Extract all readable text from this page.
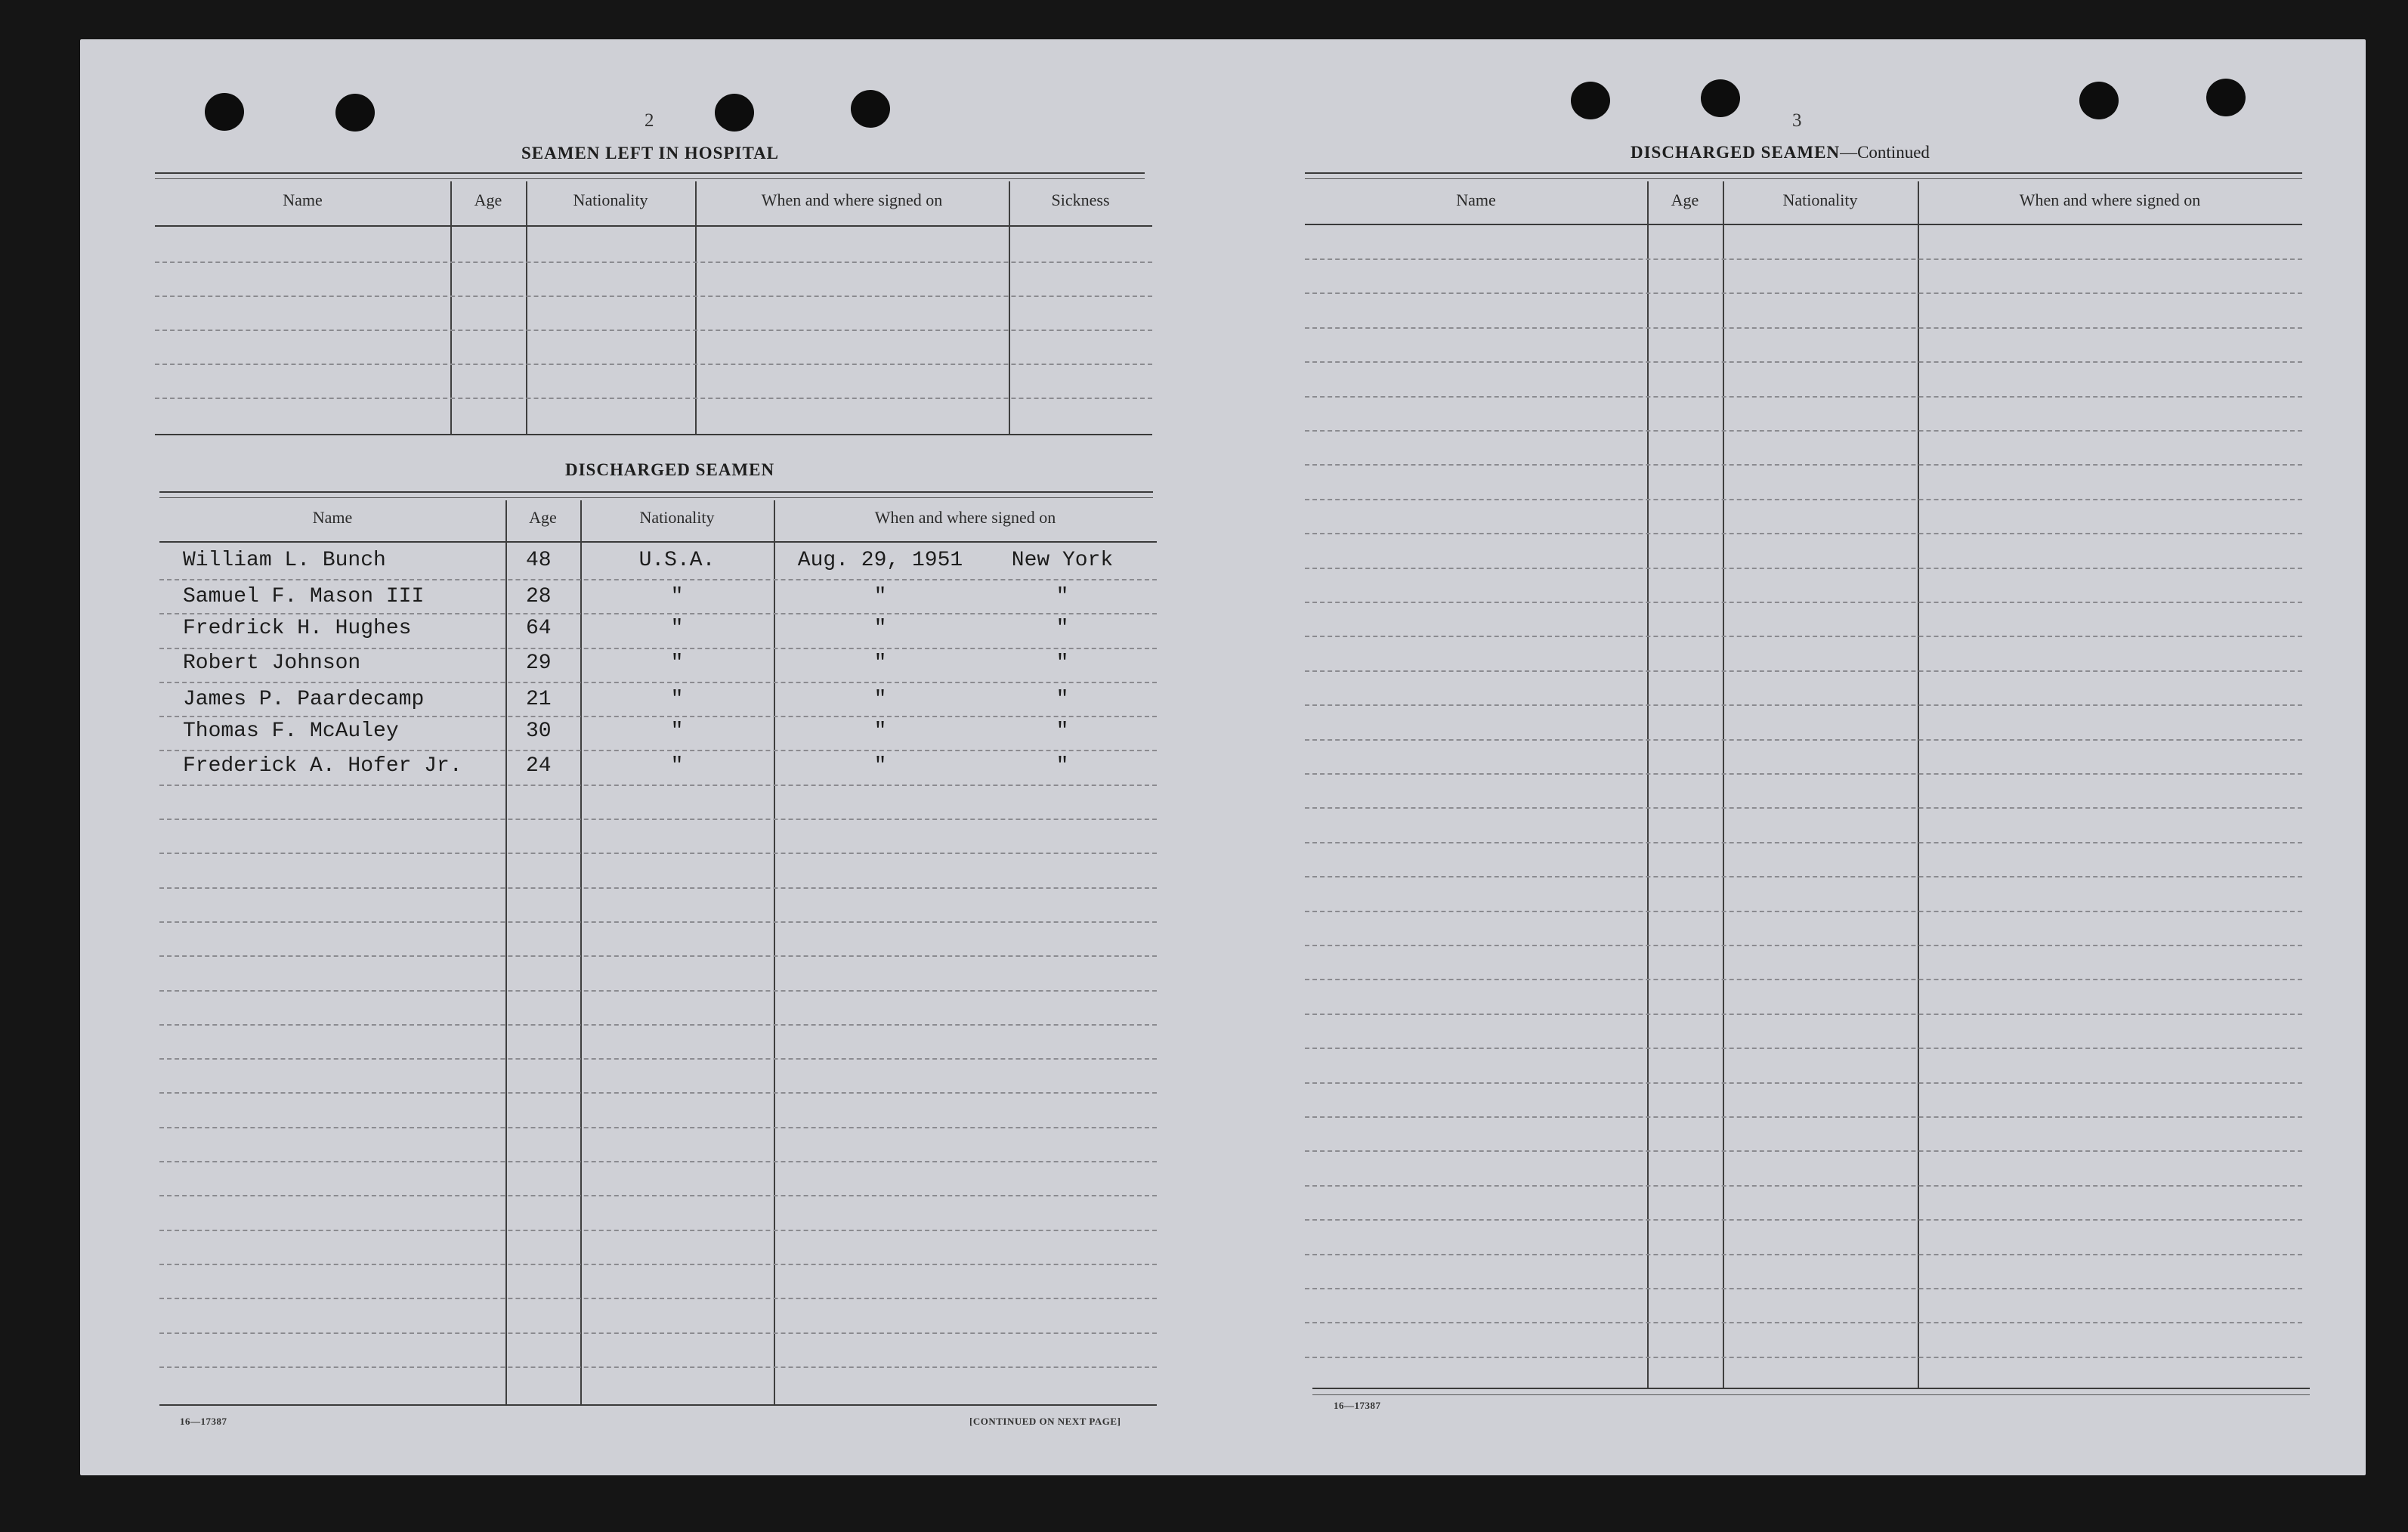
2
SEAMEN LEFT IN HOSPITAL
Name	Age	Nationality	When and where signed on	Sickness
DISCHARGED SEAMEN
Name	Age	Nationality	When and where signed on
William L. Bunch	48	U.S.A.	Aug. 29, 1951	New York
Samuel F. Mason III	28	"	"	"
Fredrick H. Hughes	64	"	"	"
Robert Johnson	29	"	"	"
James P. Paardecamp	21	"	"	"
Thomas F. McAuley	30	"	"	"
Frederick A. Hofer Jr.	24	"	"	"
16—17387	[CONTINUED ON NEXT PAGE]
3
DISCHARGED SEAMEN—Continued
Name	Age	Nationality	When and where signed on
16—17387
